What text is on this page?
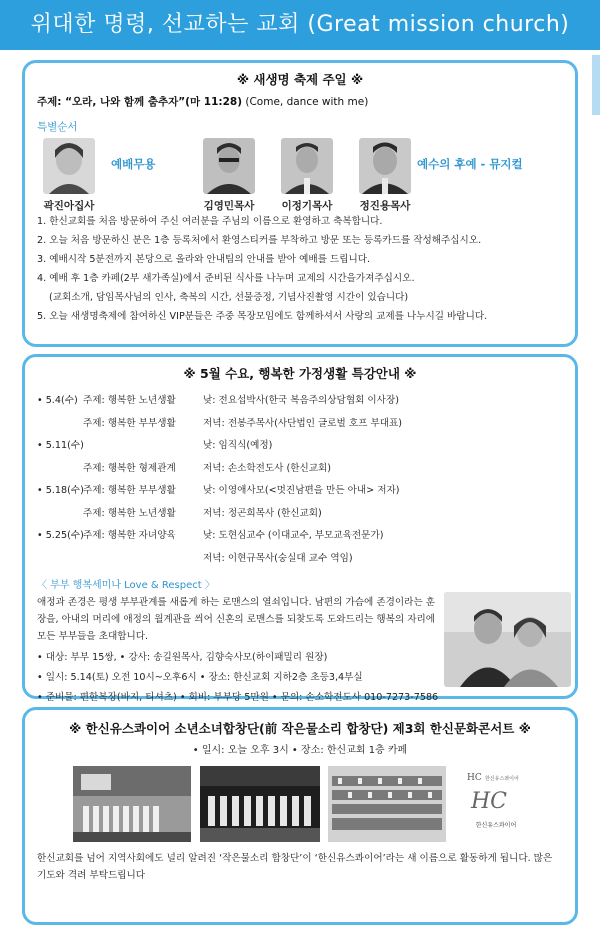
위대한 명령, 선교하는 교회 (Great mission church)
※ 새생명 축제 주일 ※
주제: “오라, 나와 함께 춤추자”(마 11:28) (Come, dance with me)
특별순서
곽진아집사
예배무용
김영민목사	이정기목사	정진용목사
예수의 후예 - 뮤지컬
1. 한신교회를 처음 방문하여 주신 여러분을 주님의 이름으로 환영하고 축복합니다.
2. 오늘 처음 방문하신 분은 1층 등록처에서 환영스티커를 부착하고 방문 또는 등록카드를 작성해주십시오.
3. 예배시작 5분전까지 본당으로 올라와 안내팀의 안내를 받아 예배를 드립니다.
4. 예배 후 1층 카페(2부 새가족실)에서 준비된 식사를 나누며 교제의 시간을가져주십시오.
(교회소개, 담임목사님의 인사, 축복의 시간, 선물증정, 기념사진촬영 시간이 있습니다)
5. 오늘 새생명축제에 참여하신 VIP분들은 주중 목장모임에도 함께하셔서 사랑의 교제를 나누시길 바랍니다.
※ 5월 수요, 행복한 가정생활 특강안내 ※
• 5.4(수) 주제: 행복한 노년생활	낮: 전요섭박사(한국 복음주의상담협회 이사장)
주제: 행복한 부부생활	저녁: 전봉주목사(사단법인 글로벌 호프 부대표)
• 5.11(수)	낮: 임직식(예정)
주제: 행복한 형제관계	저녁: 손소학전도사 (한신교회)
• 5.18(수) 주제: 행복한 부부생활	낮: 이영애사모(<멋진남편을 만든 아내> 저자)
주제: 행복한 노년생활	저녁: 정곤희목사 (한신교회)
• 5.25(수) 주제: 행복한 자녀양육	낮: 도현심교수 (이대교수, 부모교육전문가)
저녁: 이현규목사(숭실대 교수 역임)
〈 부부 행복세미나 Love & Respect 〉
애정과 존경은 평생 부부관계를 새롭게 하는 로맨스의 열쇠입니다. 남편의 가슴에 존경이라는 훈장을, 아내의 머리에 애정의 월계관을 씌어 신혼의 로맨스를 되찾도록 도와드리는 행복의 자리에 모든 부부들을 초대합니다.
• 대상: 부부 15쌍, • 강사: 송길원목사, 김향숙사모(하이패밀리 원장)
• 일시: 5.14(토) 오전 10시~오후6시 • 장소: 한신교회 지하2층 초등3,4부실
• 준비물: 편한복장(바지, 티셔츠) • 회비: 부부당 5만원 • 문의: 손소학전도사 010-7273-7586
※ 한신유스콰이어 소년소녀합창단(前 작은물소리 합창단) 제3회 한신문화콘서트 ※
• 일시: 오늘 오후 3시 • 장소: 한신교회 1층 카페
HC 한신유스콰이어
HC
한신유스콰이어
한신교회를 넘어 지역사회에도 널리 알려진 ‘작은물소리 합창단’이 ‘한신유스콰이어’라는 새 이름으로 활동하게 됩니다. 많은 기도와 격려 부탁드립니다
